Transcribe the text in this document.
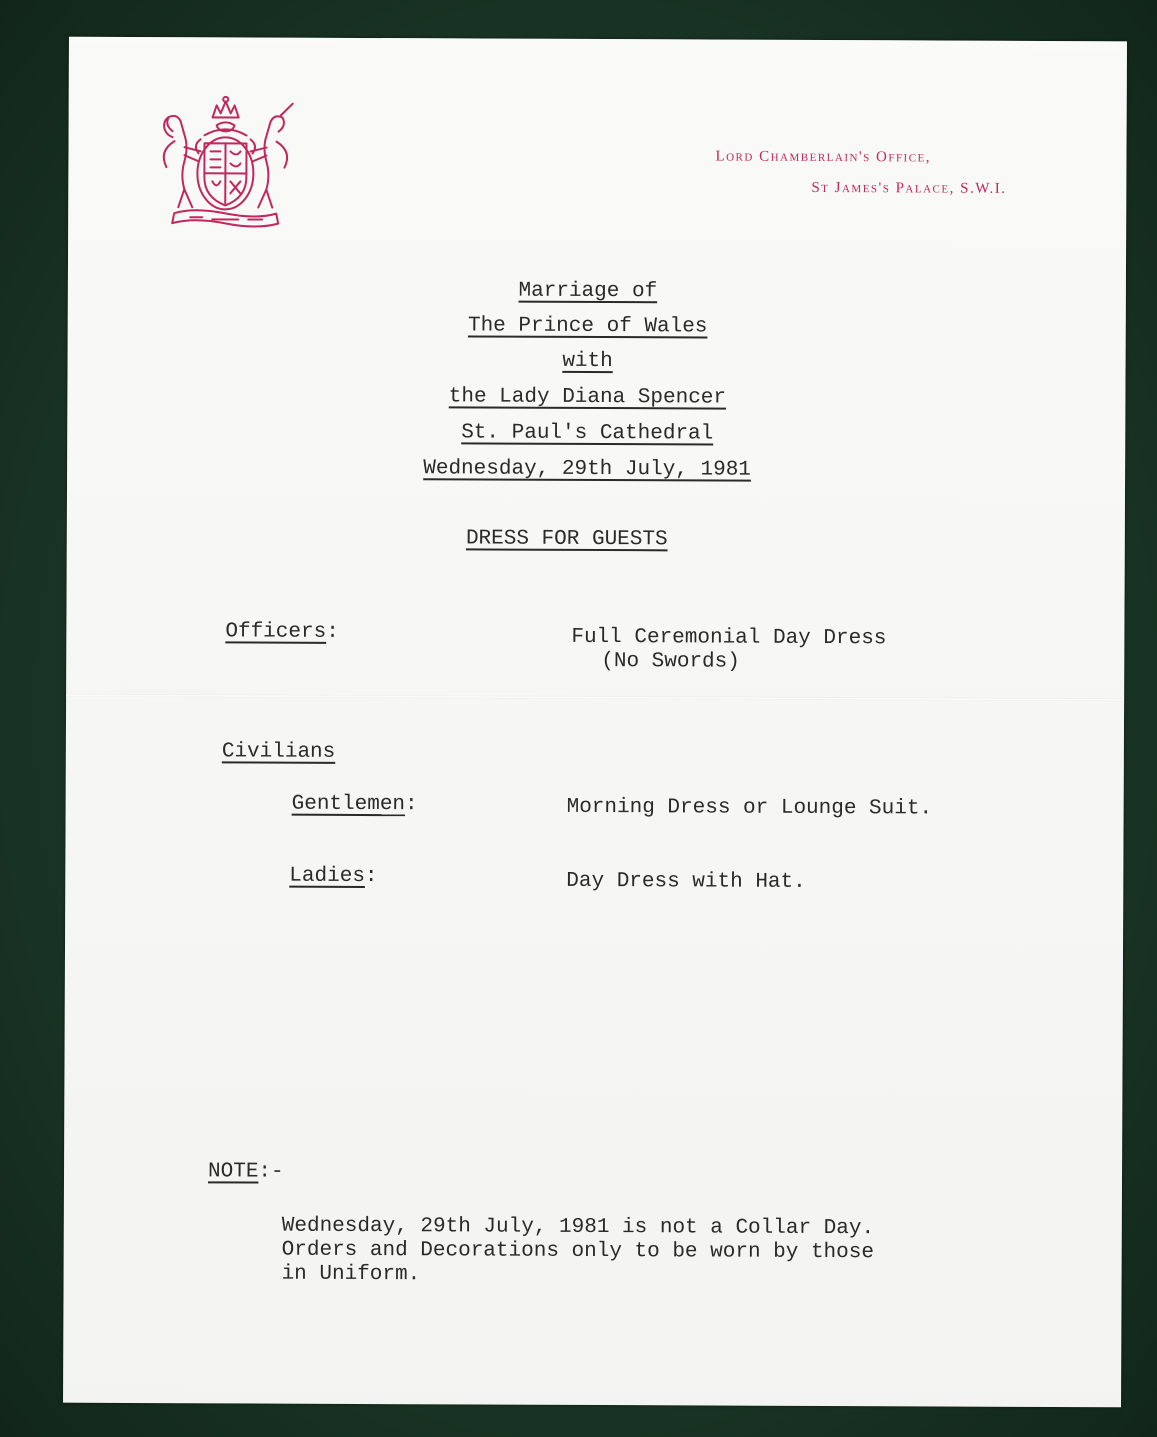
Lord Chamberlain's Office,
St James's Palace, S.W.I.
Marriage of
The Prince of Wales
with
the Lady Diana Spencer
St. Paul's Cathedral
Wednesday, 29th July, 1981
DRESS FOR GUESTS
Officers:	Full Ceremonial Day Dress
(No Swords)
Civilians
Gentlemen:	Morning Dress or Lounge Suit.
Ladies:	Day Dress with Hat.
NOTE:-
Wednesday, 29th July, 1981 is not a Collar Day.
Orders and Decorations only to be worn by those
in Uniform.
